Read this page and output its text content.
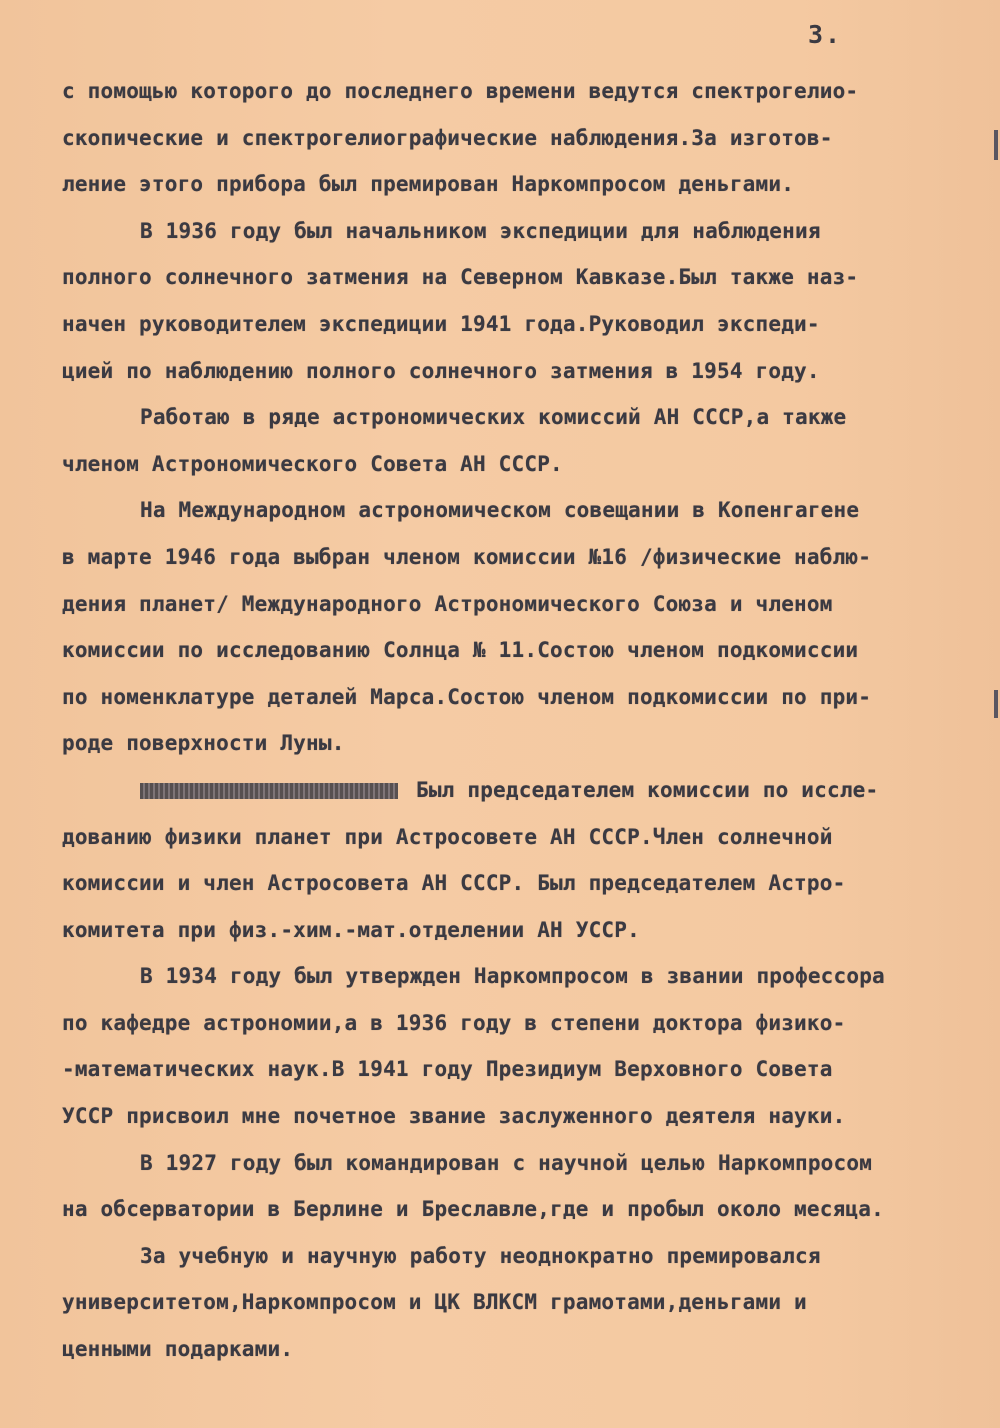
3.
с помощью которого до последнего времени ведутся спектрогелио-
скопические и спектрогелиографические наблюдения.За изготов-
ление этого прибора был премирован Наркомпросом деньгами.
В 1936 году был начальником экспедиции для наблюдения
полного солнечного затмения на Северном Кавказе.Был также наз-
начен руководителем экспедиции 1941 года.Руководил экспеди-
цией по наблюдению полного солнечного затмения в 1954 году.
Работаю в ряде астрономических комиссий АН СССР,а также
членом Астрономического Совета АН СССР.
На Международном астрономическом совещании в Копенгагене
в марте 1946 года выбран членом комиссии №16 /физические наблю-
дения планет/ Международного Астрономического Союза и членом
комиссии по исследованию Солнца № 11.Состою членом подкомиссии
по номенклатуре деталей Марса.Состою членом подкомиссии по при-
роде поверхности Луны.
Был председателем комиссии по иссле-
дованию физики планет при Астросовете АН СССР.Член солнечной
комиссии и член Астросовета АН СССР. Был председателем Астро-
комитета при физ.-хим.-мат.отделении АН УССР.
В 1934 году был утвержден Наркомпросом в звании профессора
по кафедре астрономии,а в 1936 году в степени доктора физико-
-математических наук.В 1941 году Президиум Верховного Совета
УССР присвоил мне почетное звание заслуженного деятеля науки.
В 1927 году был командирован с научной целью Наркомпросом
на обсерватории в Берлине и Бреславле,где и пробыл около месяца.
За учебную и научную работу неоднократно премировался
университетом,Наркомпросом и ЦК ВЛКСМ грамотами,деньгами и
ценными подарками.
